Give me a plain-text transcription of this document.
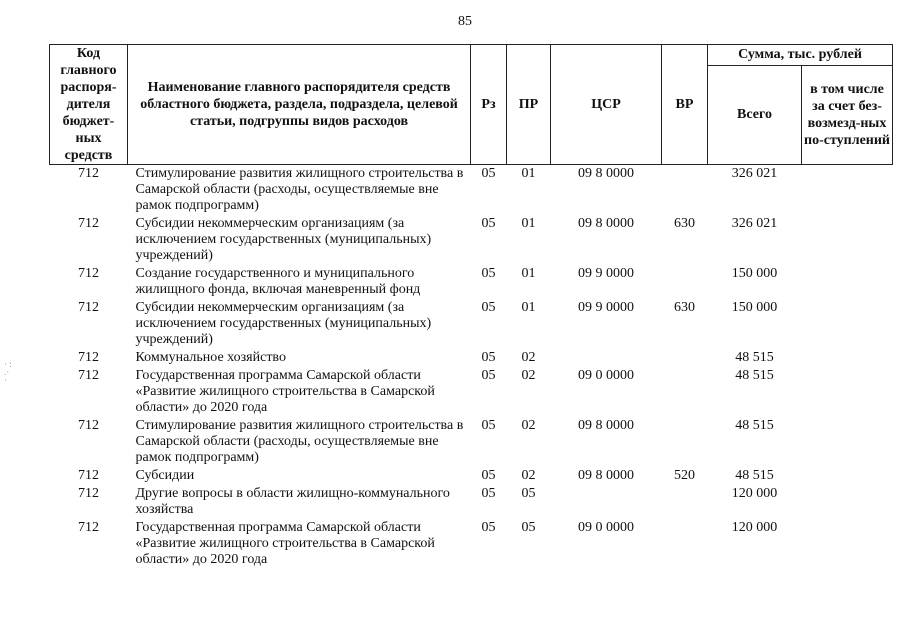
85
Код главного распоря-дителя бюджет-ных средств	Наименование главного распорядителя средств областного бюджета, раздела, подраздела, целевой статьи, подгруппы видов расходов	Рз	ПР	ЦСР	ВР	Сумма, тыс. рублей	
						Всего	в том числе за счет без-возмезд-ных по-ступлений
712	Стимулирование развития жилищного строительства в Самарской области (расходы, осуществляемые вне рамок подпрограмм)	05	01	09 8 0000		326 021	
712	Субсидии некоммерческим организациям (за исключением государственных (муниципальных) учреждений)	05	01	09 8 0000	630	326 021	
712	Создание государственного и муниципального жилищного фонда, включая маневренный фонд	05	01	09 9 0000		150 000	
712	Субсидии некоммерческим организациям (за исключением государственных (муниципальных) учреждений)	05	01	09 9 0000	630	150 000	
712	Коммунальное хозяйство	05	02			48 515	
712	Государственная программа Самарской области «Развитие жилищного строительства в Самарской области» до 2020 года	05	02	09 0 0000		48 515	
712	Стимулирование развития жилищного строительства в Самарской области (расходы, осуществляемые вне рамок подпрограмм)	05	02	09 8 0000		48 515	
712	Субсидии	05	02	09 8 0000	520	48 515	
712	Другие вопросы в области жилищно-коммунального хозяйства	05	05			120 000	
712	Государственная программа Самарской области «Развитие жилищного строительства в Самарской области» до 2020 года	05	05	09 0 0000		120 000	
· :
.·
·
